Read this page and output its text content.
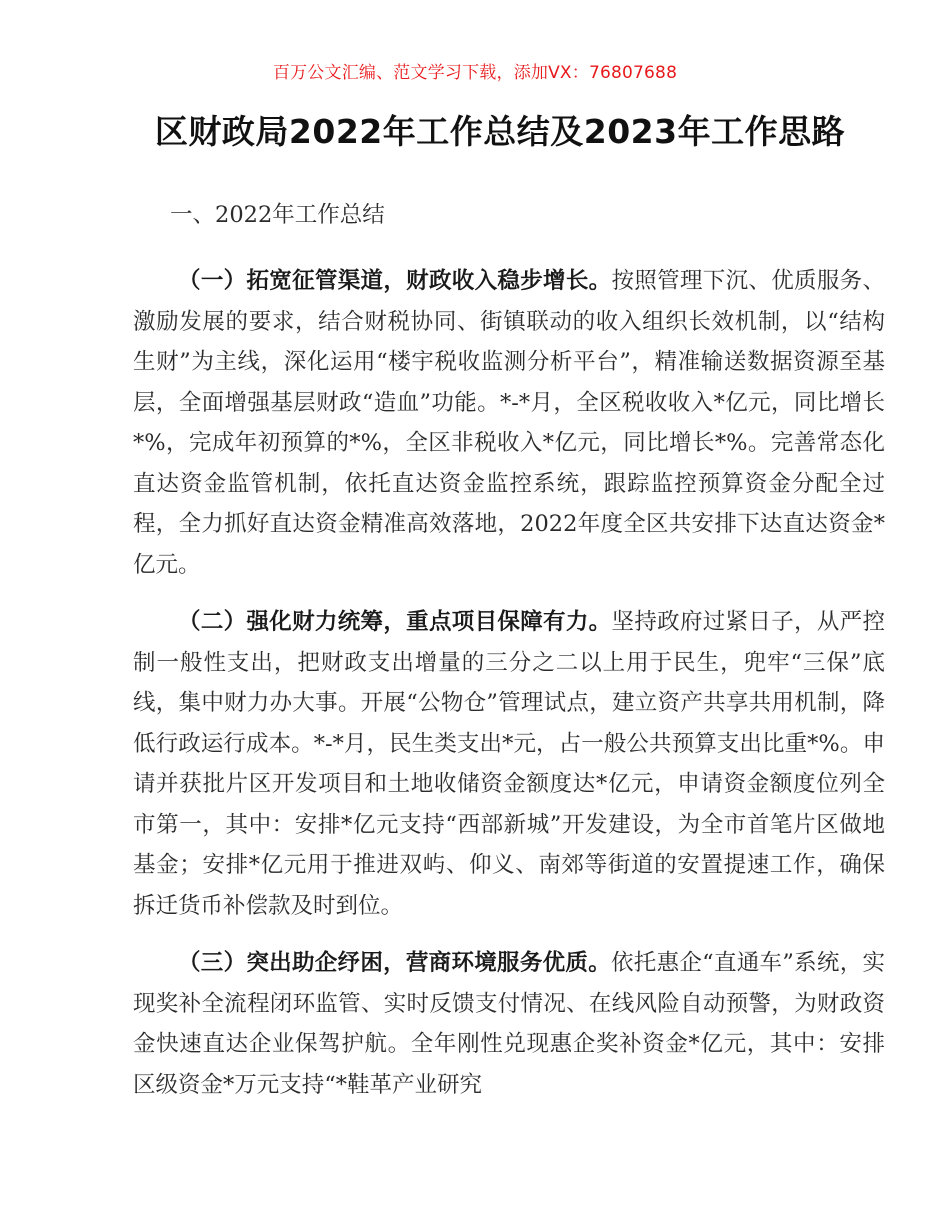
百万公文汇编、范文学习下载，添加VX：76807688
区财政局2022年工作总结及2023年工作思路
一、2022年工作总结

（一）拓宽征管渠道，财政收入稳步增长。按照管理下沉、优质服务、激励发展的要求，结合财税协同、街镇联动的收入组织长效机制，以“结构生财”为主线，深化运用“楼宇税收监测分析平台”，精准输送数据资源至基层，全面增强基层财政“造血”功能。*-*月，全区税收收入*亿元，同比增长*%，完成年初预算的*%，全区非税收入*亿元，同比增长*%。完善常态化直达资金监管机制，依托直达资金监控系统，跟踪监控预算资金分配全过程，全力抓好直达资金精准高效落地，2022年度全区共安排下达直达资金*亿元。

（二）强化财力统筹，重点项目保障有力。坚持政府过紧日子，从严控制一般性支出，把财政支出增量的三分之二以上用于民生，兜牢“三保”底线，集中财力办大事。开展“公物仓”管理试点，建立资产共享共用机制，降低行政运行成本。*-*月，民生类支出*元，占一般公共预算支出比重*%。申请并获批片区开发项目和土地收储资金额度达*亿元，申请资金额度位列全市第一，其中：安排*亿元支持“西部新城”开发建设，为全市首笔片区做地基金；安排*亿元用于推进双屿、仰义、南郊等街道的安置提速工作，确保拆迁货币补偿款及时到位。

（三）突出助企纾困，营商环境服务优质。依托惠企“直通车”系统，实现奖补全流程闭环监管、实时反馈支付情况、在线风险自动预警，为财政资金快速直达企业保驾护航。全年刚性兑现惠企奖补资金*亿元，其中：安排区级资金*万元支持“*鞋革产业研究
